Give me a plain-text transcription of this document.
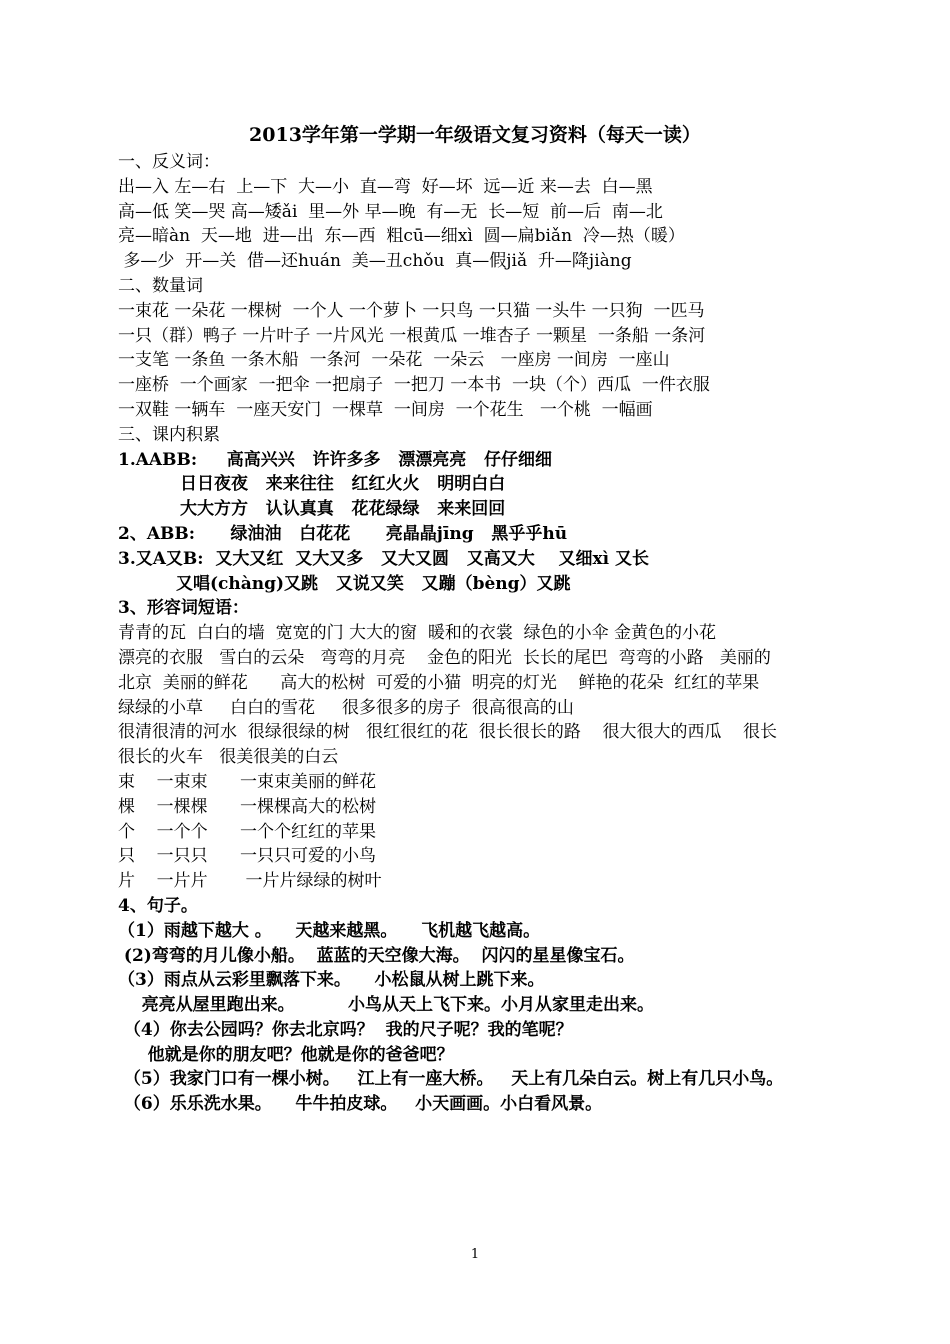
2013学年第一学期一年级语文复习资料（每天一读）
一、反义词：
出—入 左—右  上—下  大—小  直—弯  好—坏  远—近 来—去  白—黑
高—低 笑—哭 高—矮ǎi  里—外 早—晚  有—无  长—短  前—后  南—北
亮—暗àn  天—地  进—出  东—西  粗cū—细xì  圆—扁biǎn  冷—热（暖）
多—少  开—关  借—还huán  美—丑chǒu  真—假jiǎ  升—降jiàng
二、数量词
一束花 一朵花 一棵树  一个人 一个萝卜 一只鸟 一只猫 一头牛 一只狗  一匹马
一只（群）鸭子 一片叶子 一片风光 一根黄瓜 一堆杏子 一颗星  一条船 一条河
一支笔 一条鱼 一条木船  一条河  一朵花  一朵云   一座房 一间房  一座山
一座桥  一个画家  一把伞 一把扇子  一把刀 一本书  一块（个）西瓜  一件衣服
一双鞋 一辆车  一座天安门  一棵草  一间房  一个花生   一个桃  一幅画
三、课内积累
1.AABB:     高高兴兴   许许多多   漂漂亮亮   仔仔细细
日日夜夜   来来往往   红红火火   明明白白
大大方方   认认真真   花花绿绿   来来回回
2、ABB:      绿油油   白花花      亮晶晶jīng   黑乎乎hū
3.又A又B:  又大又红  又大又多   又大又圆   又高又大    又细xì 又长
又唱(chàng)又跳   又说又笑   又蹦（bèng）又跳
3、形容词短语：
青青的瓦  白白的墙  宽宽的门 大大的窗  暖和的衣裳  绿色的小伞 金黄色的小花
漂亮的衣服   雪白的云朵   弯弯的月亮    金色的阳光  长长的尾巴  弯弯的小路   美丽的
北京  美丽的鲜花      高大的松树  可爱的小猫  明亮的灯光    鲜艳的花朵  红红的苹果
绿绿的小草     白白的雪花     很多很多的房子  很高很高的山
很清很清的河水  很绿很绿的树   很红很红的花  很长很长的路    很大很大的西瓜    很长
很长的火车   很美很美的白云
束    一束束      一束束美丽的鲜花
棵    一棵棵      一棵棵高大的松树
个    一个个      一个个红红的苹果
只    一只只      一只只可爱的小鸟
片    一片片       一片片绿绿的树叶
4、句子。
（1）雨越下越大 。    天越来越黑。    飞机越飞越高。
(2)弯弯的月儿像小船。  蓝蓝的天空像大海。  闪闪的星星像宝石。
（3）雨点从云彩里飘落下来。    小松鼠从树上跳下来。
亮亮从屋里跑出来。         小鸟从天上飞下来。小月从家里走出来。
（4）你去公园吗？你去北京吗？  我的尺子呢？我的笔呢？
他就是你的朋友吧？他就是你的爸爸吧？
（5）我家门口有一棵小树。   江上有一座大桥。   天上有几朵白云。树上有几只小鸟。
（6）乐乐洗水果。    牛牛拍皮球。   小天画画。小白看风景。
1
